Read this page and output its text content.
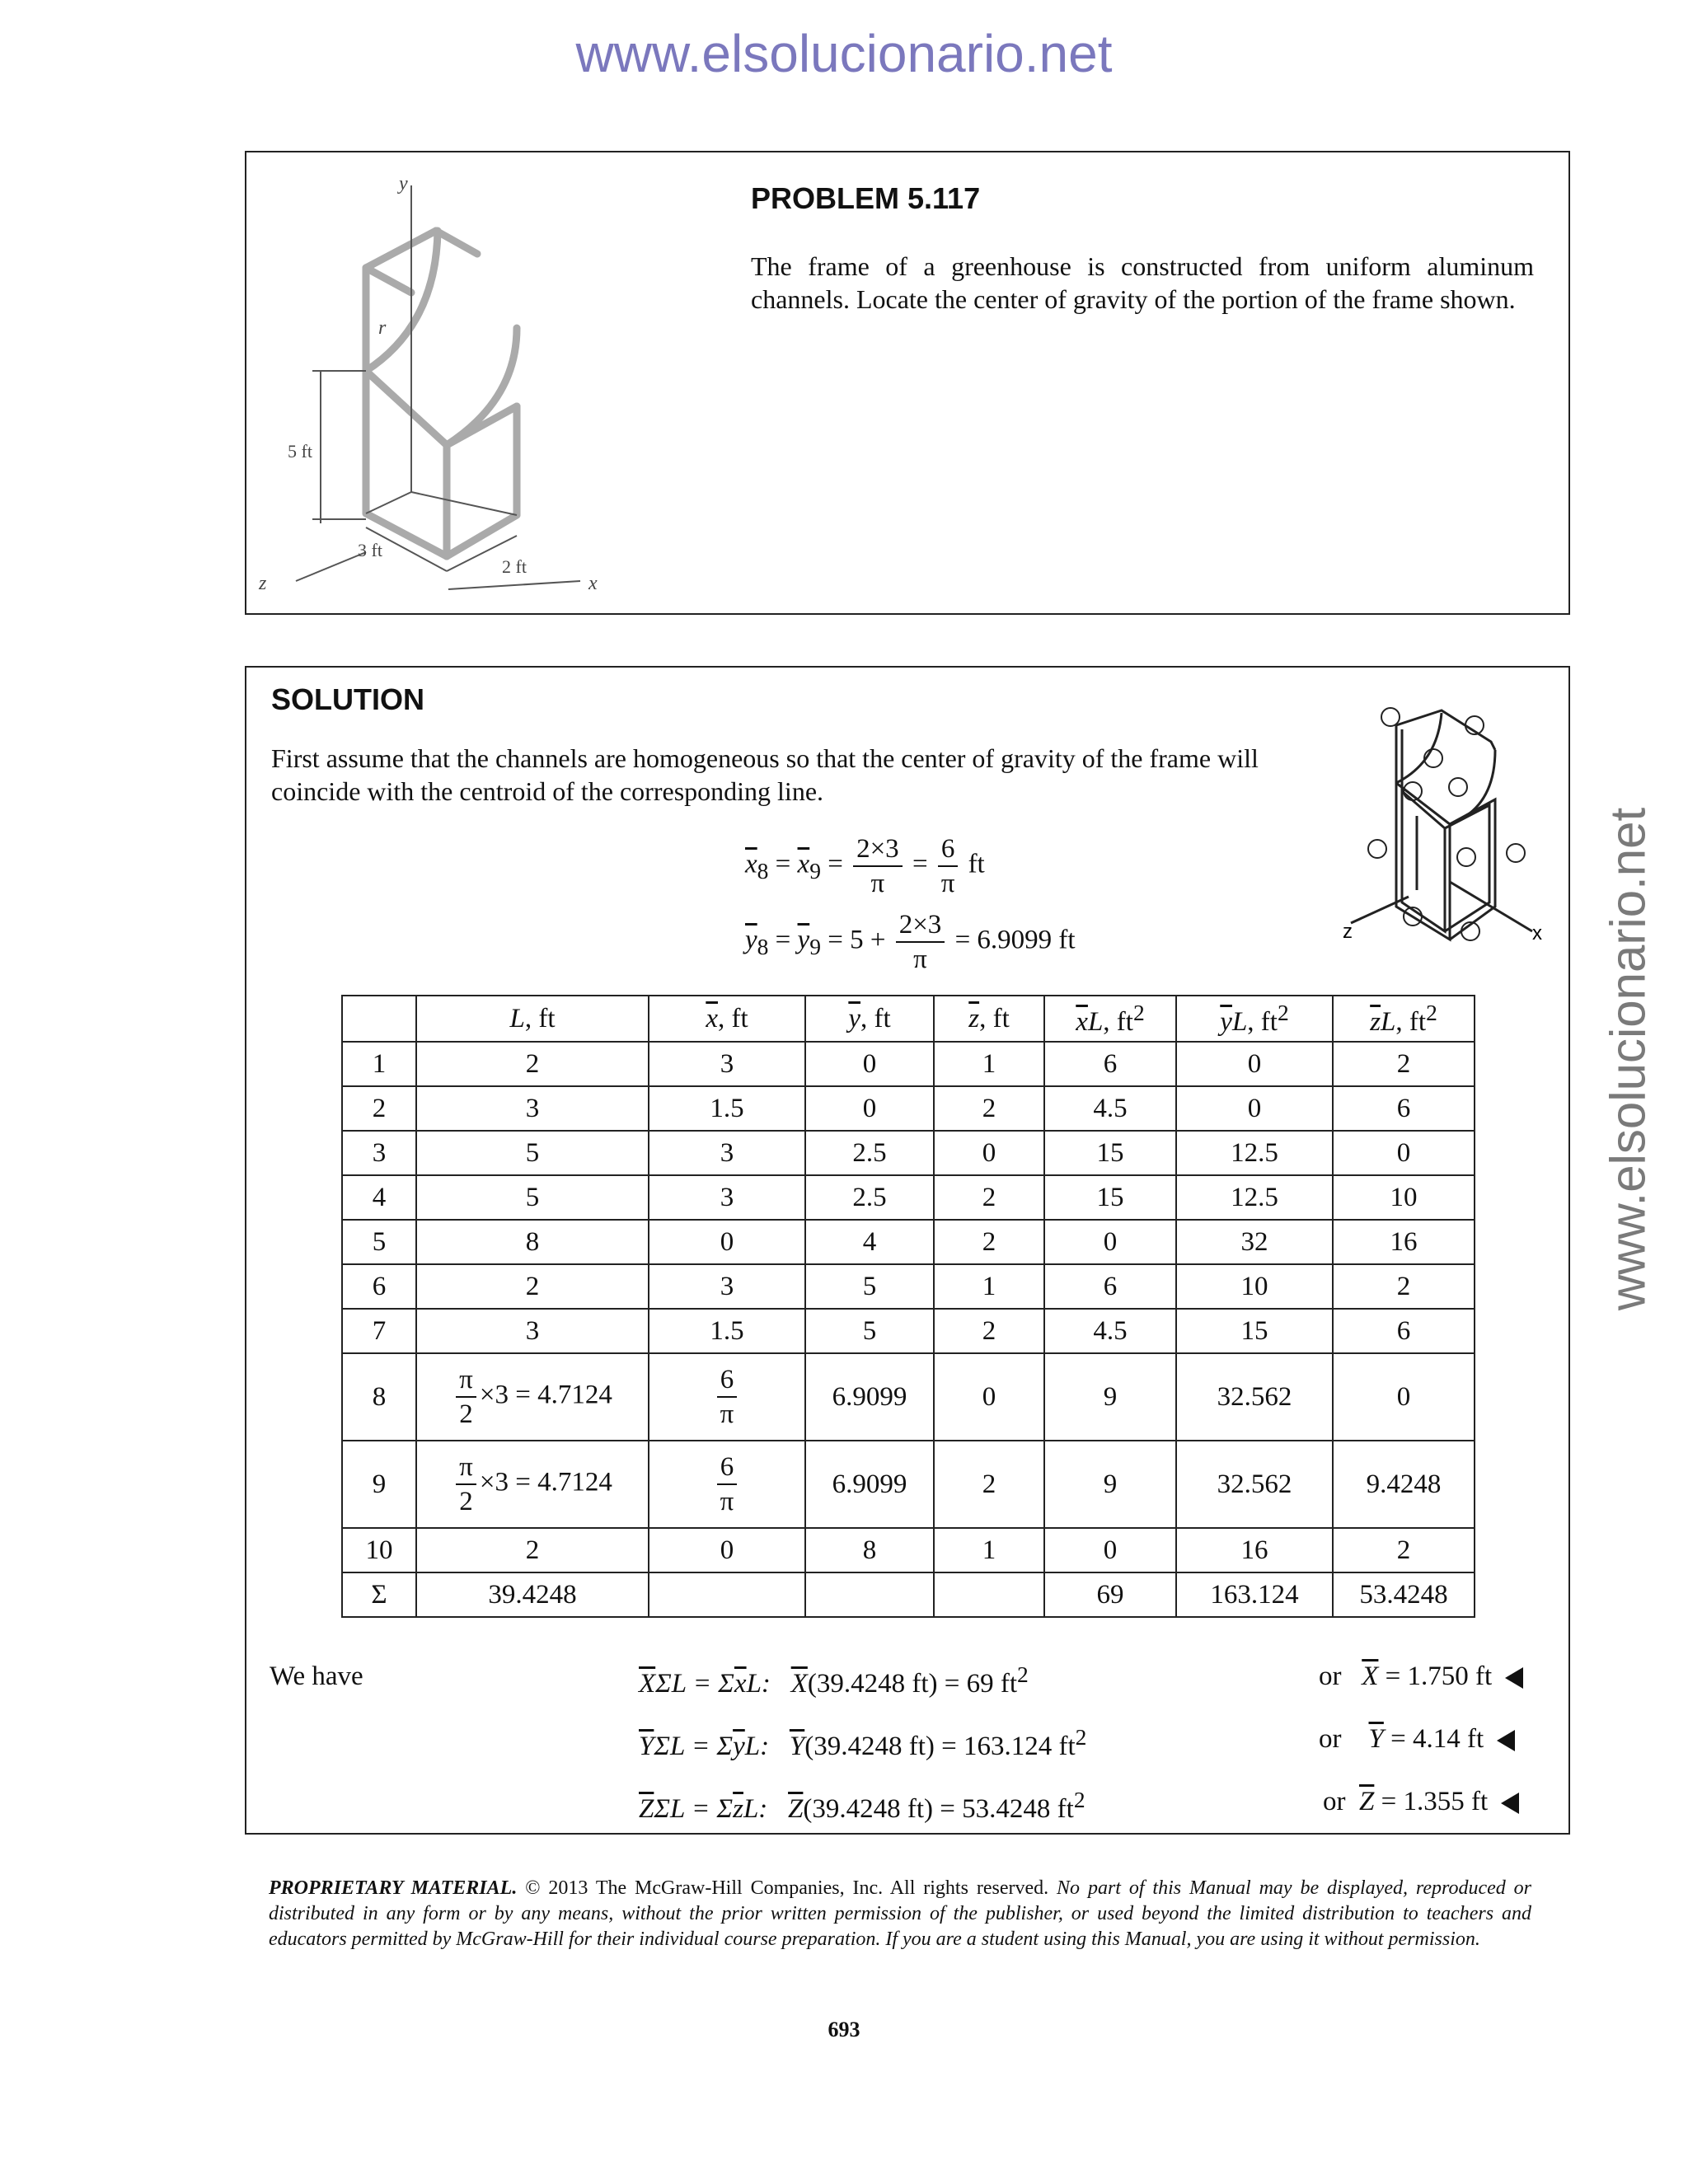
www.elsolucionario.net
www.elsolucionario.net
y
r
5 ft
3 ft
2 ft
z	x
PROBLEM 5.117
The frame of a greenhouse is constructed from uniform aluminum channels. Locate the center of gravity of the portion of the frame shown.
SOLUTION
First assume that the channels are homogeneous so that the center of gravity of the frame will coincide with the centroid of the corresponding line.
z	x
$\overline{x}_8 = \overline{x}_9 = \frac{2\times 3}{\pi} = \frac{6}{\pi}$ ft
$\overline{y}_8 = \overline{y}_9 = 5 + \frac{2\times 3}{\pi} = 6.9099$ ft
	L, ft	$\overline{x}$, ft	$\overline{y}$, ft	$\overline{z}$, ft	$\overline{x}L$, $ft^2$	$\overline{y}L$, $ft^2$	$\overline{z}L$, $ft^2$
1	2	3	0	1	6	0	2
2	3	1.5	0	2	4.5	0	6
3	5	3	2.5	0	15	12.5	0
4	5	3	2.5	2	15	12.5	10
5	8	0	4	2	0	32	16
6	2	3	5	1	6	10	2
7	3	1.5	5	2	4.5	15	6
8	$\frac{\pi}{2} \times 3 = 4.7124$	$\frac{6}{\pi}$	6.9099	0	9	32.562	0
9	$\frac{\pi}{2} \times 3 = 4.7124$	$\frac{6}{\pi}$	6.9099	2	9	32.562	9.4248
10	2	0	8	1	0	16	2
Σ	39.4248				69	163.124	53.4248
We have	$\overline{X}\Sigma L = \Sigma\overline{x}L$: $\overline{X}(39.4248$ ft) = 69 $ft^2$	or $\overline{X} = 1.750$ ft
$\overline{Y}\Sigma L = \Sigma\overline{y}L$: $\overline{Y}(39.4248$ ft) = 163.124 $ft^2$	or $\overline{Y} = 4.14$ ft
$\overline{Z}\Sigma L = \Sigma\overline{z}L$: $\overline{Z}(39.4248$ ft) = 53.4248 $ft^2$	or $\overline{Z} = 1.355$ ft
PROPRIETARY MATERIAL. © 2013 The McGraw-Hill Companies, Inc. All rights reserved. No part of this Manual may be displayed, reproduced or distributed in any form or by any means, without the prior written permission of the publisher, or used beyond the limited distribution to teachers and educators permitted by McGraw-Hill for their individual course preparation. If you are a student using this Manual, you are using it without permission.
693
